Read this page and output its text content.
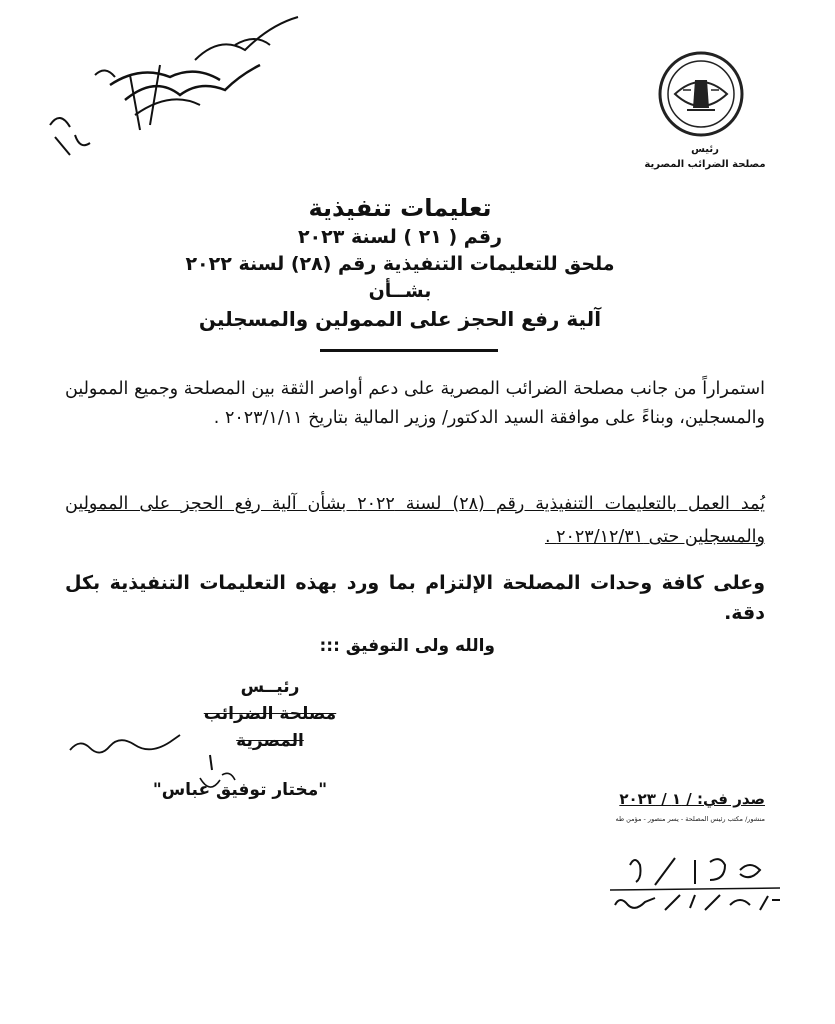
رئيس
مصلحة الضرائب المصرية
تعليمات تنفيذية
رقم ( ٢١ ) لسنة ٢٠٢٣
ملحق للتعليمات التنفيذية رقم (٢٨) لسنة ٢٠٢٢
بشــأن
آلية رفع الحجز على الممولين والمسجلين
استمراراً من جانب مصلحة الضرائب المصرية على دعم أواصر الثقة بين المصلحة وجميع الممولين والمسجلين، وبناءً على موافقة السيد الدكتور/ وزير المالية بتاريخ ٢٠٢٣/١/١١ .
يُمد العمل بالتعليمات التنفيذية رقم (٢٨) لسنة ٢٠٢٢ بشأن آلية رفع الحجز على الممولين والمسجلين حتى ٢٠٢٣/١٢/٣١ .
وعلى كافة وحدات المصلحة الإلتزام بما ورد بهذه التعليمات التنفيذية بكل دقة.
والله ولى التوفيق :::
رئيــس
مصلحة الضرائب المصرية
"مختار توفيق عباس"	صدر في: / ١ / ٢٠٢٣
منشور/ مكتب رئيس المصلحة - يسر منصور - مؤمن طه
